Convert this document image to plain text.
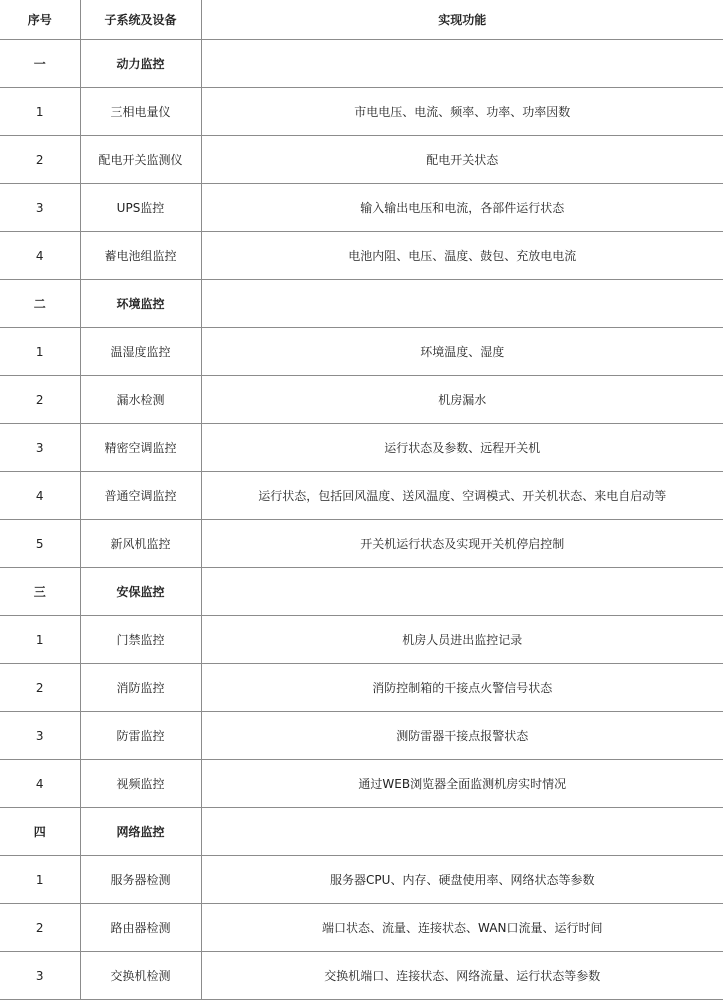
序号	子系统及设备	实现功能
一	动力监控	
1	三相电量仪	市电电压、电流、频率、功率、功率因数
2	配电开关监测仪	配电开关状态
3	UPS监控	输入输出电压和电流，各部件运行状态
4	蓄电池组监控	电池内阻、电压、温度、鼓包、充放电电流
二	环境监控	
1	温湿度监控	环境温度、湿度
2	漏水检测	机房漏水
3	精密空调监控	运行状态及参数、远程开关机
4	普通空调监控	运行状态，包括回风温度、送风温度、空调模式、开关机状态、来电自启动等
5	新风机监控	开关机运行状态及实现开关机停启控制
三	安保监控	
1	门禁监控	机房人员进出监控记录
2	消防监控	消防控制箱的干接点火警信号状态
3	防雷监控	测防雷器干接点报警状态
4	视频监控	通过WEB浏览器全面监测机房实时情况
四	网络监控	
1	服务器检测	服务器CPU、内存、硬盘使用率、网络状态等参数
2	路由器检测	端口状态、流量、连接状态、WAN口流量、运行时间
3	交换机检测	交换机端口、连接状态、网络流量、运行状态等参数
